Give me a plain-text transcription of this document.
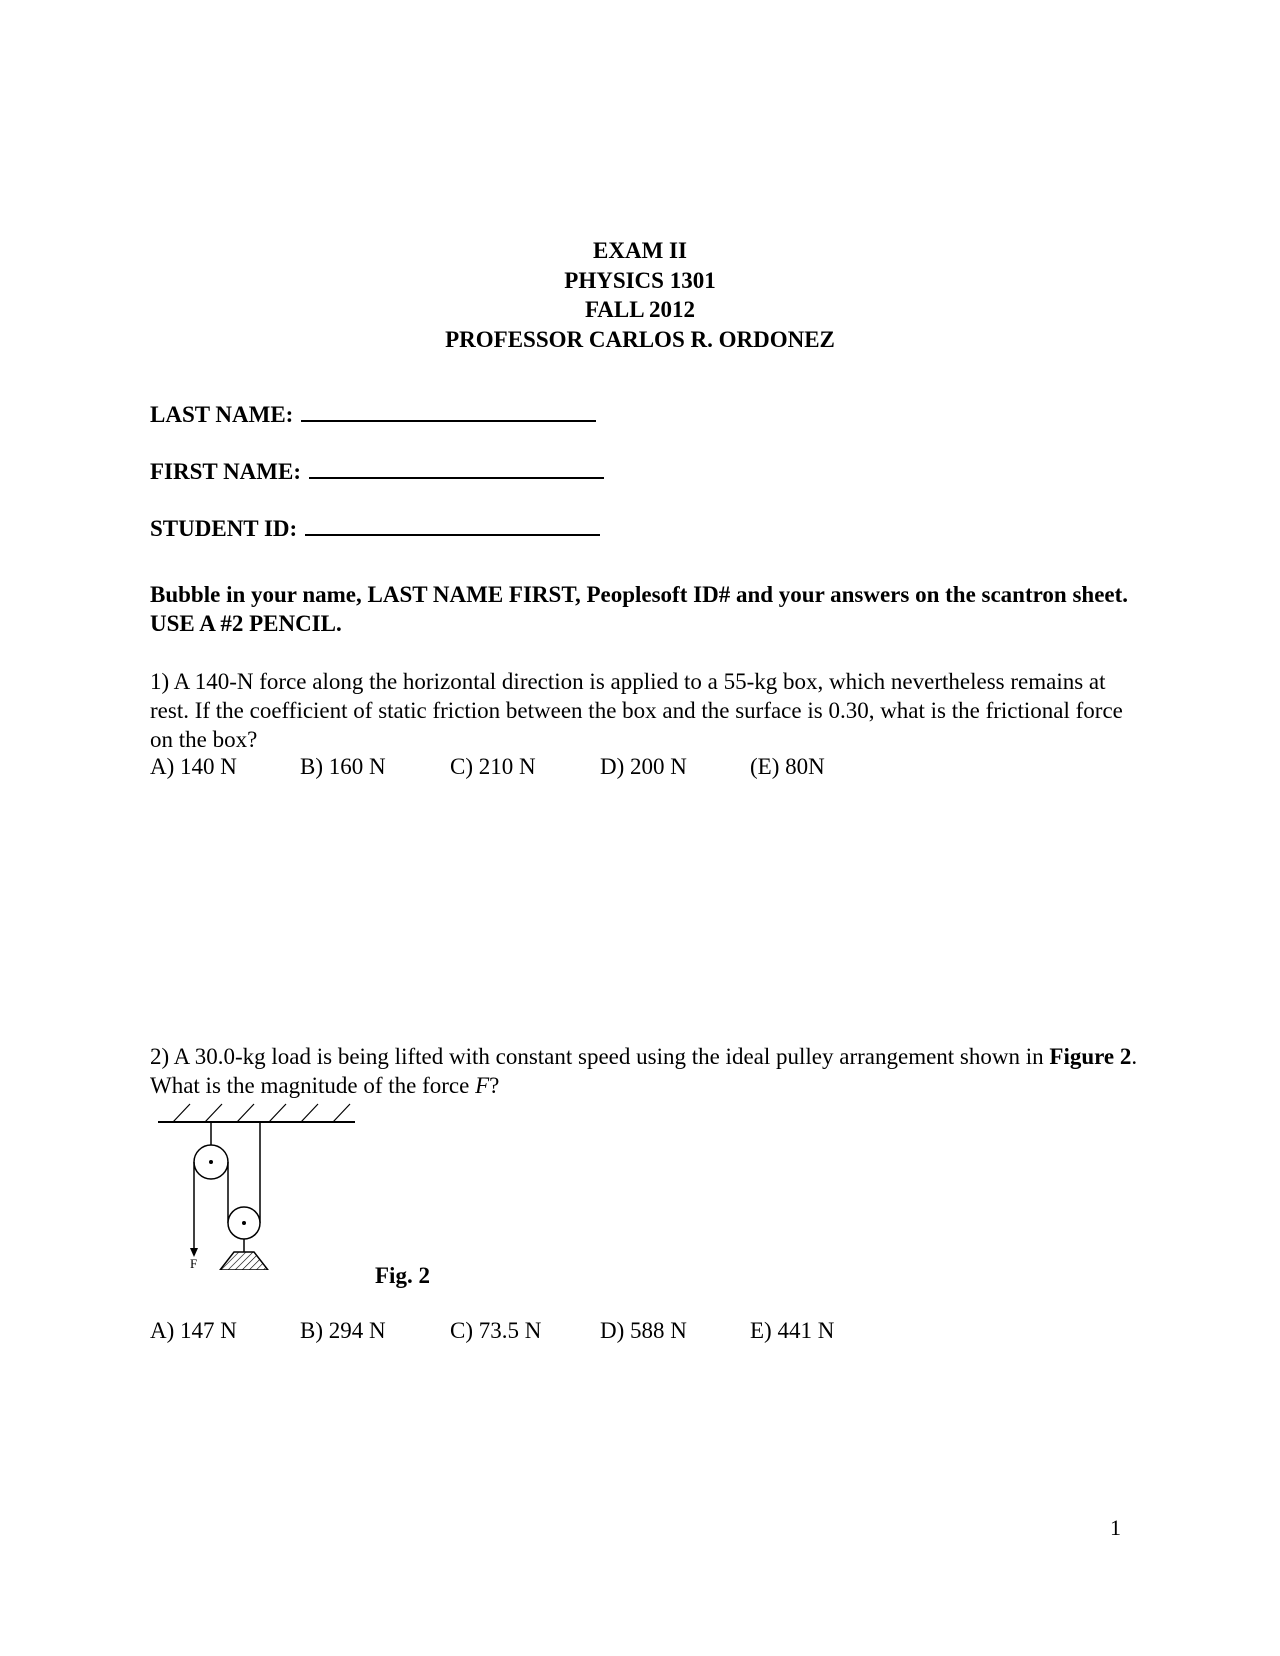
EXAM II
PHYSICS 1301
FALL 2012
PROFESSOR CARLOS R. ORDONEZ
LAST NAME:
FIRST NAME:
STUDENT ID:
Bubble in your name, LAST NAME FIRST, Peoplesoft ID# and your answers on the scantron sheet. USE A #2 PENCIL.
1) A 140-N force along the horizontal direction is applied to a 55-kg box, which nevertheless remains at rest. If the coefficient of static friction between the box and the surface is 0.30, what is the frictional force on the box?
A) 140 N	B) 160 N	C) 210 N	D) 200 N	(E) 80N
2) A 30.0-kg load is being lifted with constant speed using the ideal pulley arrangement shown in Figure 2. What is the magnitude of the force F?
F	Fig. 2
A) 147 N	B) 294 N	C) 73.5 N	D) 588 N	E) 441 N
1
